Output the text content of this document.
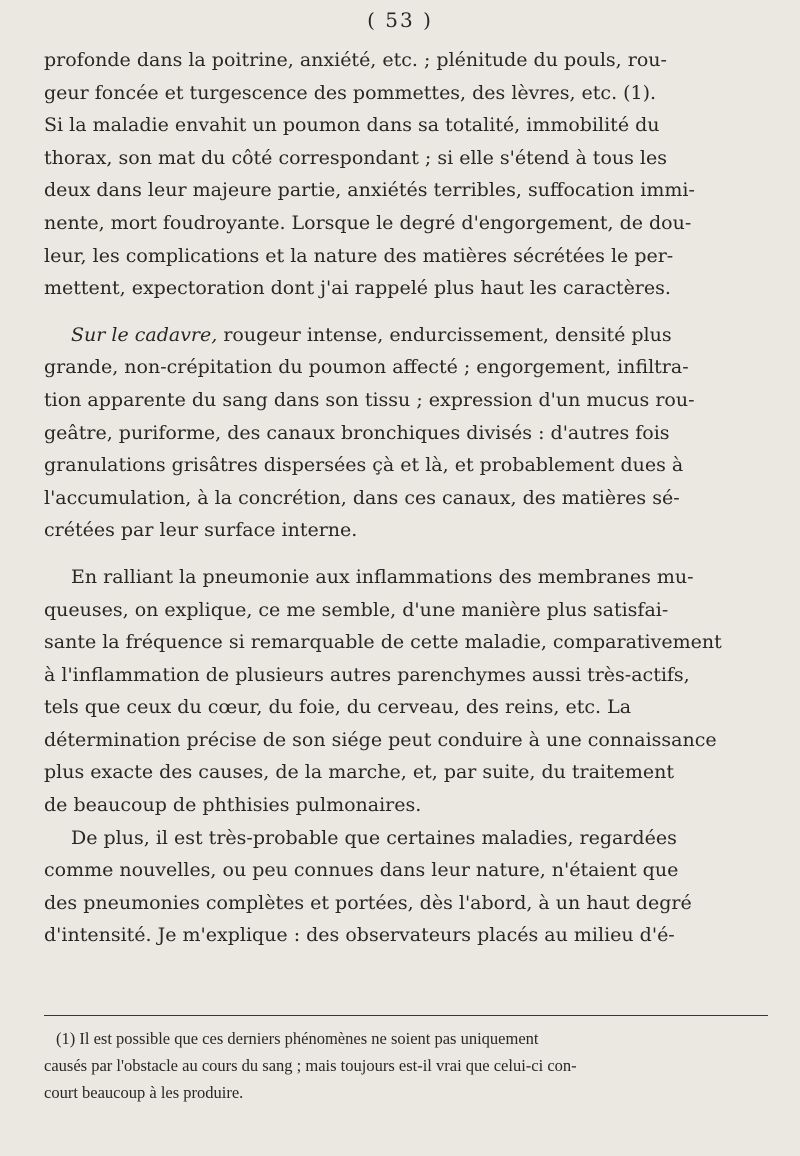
( 53 )
profonde dans la poitrine, anxiété, etc. ; plénitude du pouls, rou-
geur foncée et turgescence des pommettes, des lèvres, etc. (1).
Si la maladie envahit un poumon dans sa totalité, immobilité du
thorax, son mat du côté correspondant ; si elle s'étend à tous les
deux dans leur majeure partie, anxiétés terribles, suffocation immi-
nente, mort foudroyante. Lorsque le degré d'engorgement, de dou-
leur, les complications et la nature des matières sécrétées le per-
mettent, expectoration dont j'ai rappelé plus haut les caractères.
Sur le cadavre, rougeur intense, endurcissement, densité plus
grande, non-crépitation du poumon affecté ; engorgement, infiltra-
tion apparente du sang dans son tissu ; expression d'un mucus rou-
geâtre, puriforme, des canaux bronchiques divisés : d'autres fois
granulations grisâtres dispersées çà et là, et probablement dues à
l'accumulation, à la concrétion, dans ces canaux, des matières sé-
crétées par leur surface interne.
En ralliant la pneumonie aux inflammations des membranes mu-
queuses, on explique, ce me semble, d'une manière plus satisfai-
sante la fréquence si remarquable de cette maladie, comparativement
à l'inflammation de plusieurs autres parenchymes aussi très-actifs,
tels que ceux du cœur, du foie, du cerveau, des reins, etc. La
détermination précise de son siége peut conduire à une connaissance
plus exacte des causes, de la marche, et, par suite, du traitement
de beaucoup de phthisies pulmonaires.
De plus, il est très-probable que certaines maladies, regardées
comme nouvelles, ou peu connues dans leur nature, n'étaient que
des pneumonies complètes et portées, dès l'abord, à un haut degré
d'intensité. Je m'explique : des observateurs placés au milieu d'é-
(1) Il est possible que ces derniers phénomènes ne soient pas uniquement
causés par l'obstacle au cours du sang ; mais toujours est-il vrai que celui-ci con-
court beaucoup à les produire.
